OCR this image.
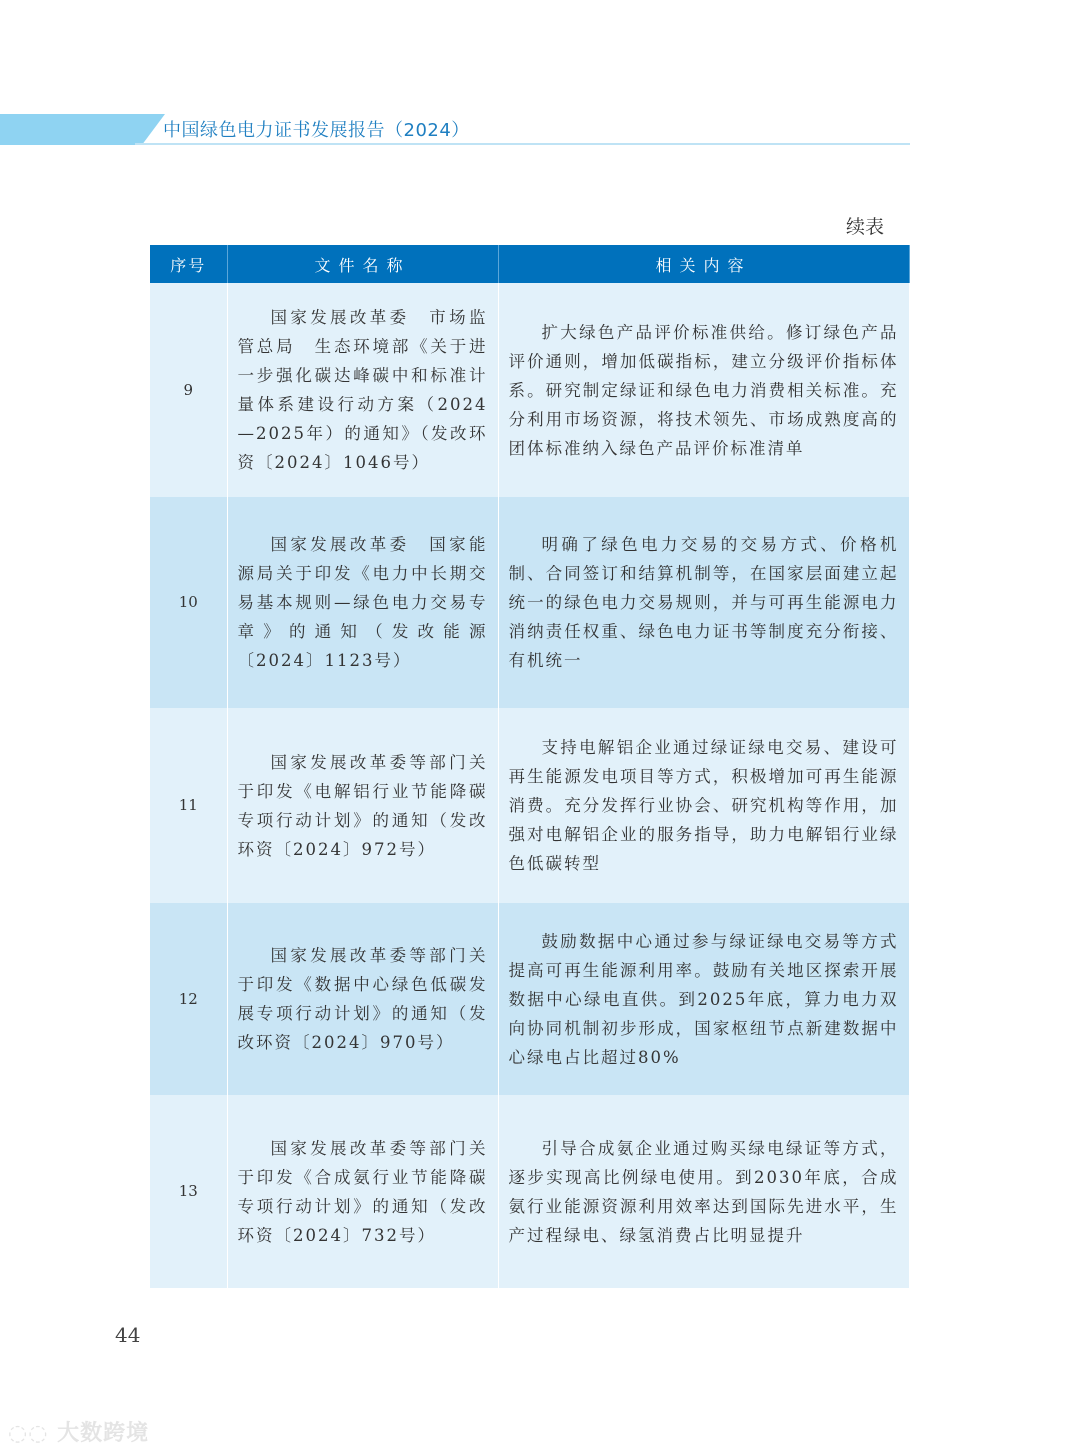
中国绿色电力证书发展报告（2024）
续表
序号	文件名称	相关内容
9	国家发展改革委　市场监管总局　生态环境部《关于进一步强化碳达峰碳中和标准计量体系建设行动方案（2024—2025年）的通知》（发改环资〔2024〕1046号）	扩大绿色产品评价标准供给。修订绿色产品评价通则，增加低碳指标，建立分级评价指标体系。研究制定绿证和绿色电力消费相关标准。充分利用市场资源，将技术领先、市场成熟度高的团体标准纳入绿色产品评价标准清单

10	国家发展改革委　国家能源局关于印发《电力中长期交易基本规则—绿色电力交易专章》的通知（发改能源〔2024〕1123号）	明确了绿色电力交易的交易方式、价格机制、合同签订和结算机制等，在国家层面建立起统一的绿色电力交易规则，并与可再生能源电力消纳责任权重、绿色电力证书等制度充分衔接、有机统一

11	国家发展改革委等部门关于印发《电解铝行业节能降碳专项行动计划》的通知（发改环资〔2024〕972号）	支持电解铝企业通过绿证绿电交易、建设可再生能源发电项目等方式，积极增加可再生能源消费。充分发挥行业协会、研究机构等作用，加强对电解铝企业的服务指导，助力电解铝行业绿色低碳转型

12	国家发展改革委等部门关于印发《数据中心绿色低碳发展专项行动计划》的通知（发改环资〔2024〕970号）	鼓励数据中心通过参与绿证绿电交易等方式提高可再生能源利用率。鼓励有关地区探索开展数据中心绿电直供。到2025年底，算力电力双向协同机制初步形成，国家枢纽节点新建数据中心绿电占比超过80%

13	国家发展改革委等部门关于印发《合成氨行业节能降碳专项行动计划》的通知（发改环资〔2024〕732号）	引导合成氨企业通过购买绿电绿证等方式，逐步实现高比例绿电使用。到2030年底，合成氨行业能源资源利用效率达到国际先进水平，生产过程绿电、绿氢消费占比明显提升

44
◌◌ 大数跨境
